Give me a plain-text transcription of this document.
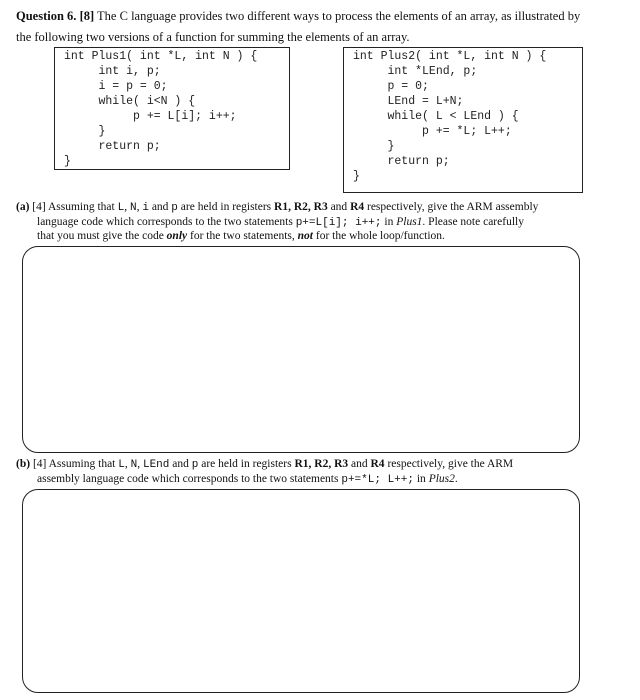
Question 6. [8] The C language provides two different ways to process the elements of an array, as illustrated by
the following two versions of a function for summing the elements of an array.
int Plus1( int *L, int N ) {
int i, p;
i = p = 0;
while( i<N ) {
p += L[i]; i++;
}
return p;
}
int Plus2( int *L, int N ) {
int *LEnd, p;
p = 0;
LEnd = L+N;
while( L < LEnd ) {
p += *L; L++;
}
return p;
}
(a) [4] Assuming that L, N, i and p are held in registers R1, R2, R3 and R4 respectively, give the ARM assembly
language code which corresponds to the two statements p+=L[i]; i++; in Plus1. Please note carefully
that you must give the code only for the two statements, not for the whole loop/function.
(b) [4] Assuming that L, N, LEnd and p are held in registers R1, R2, R3 and R4 respectively, give the ARM
assembly language code which corresponds to the two statements p+=*L; L++; in Plus2.
